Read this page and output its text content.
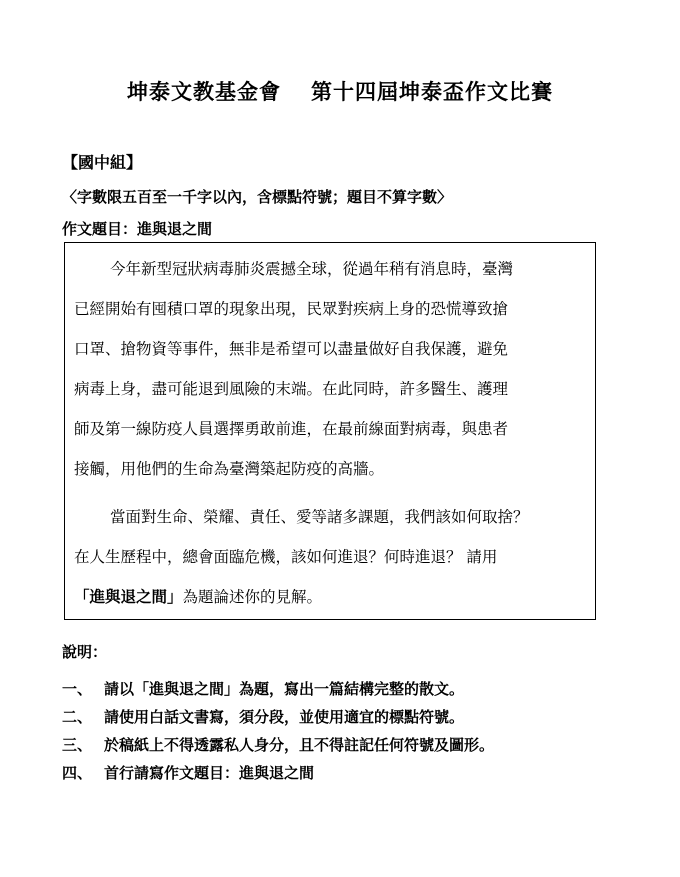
坤泰文教基金會 第十四屆坤泰盃作文比賽
【國中組】
〈字數限五百至一千字以內，含標點符號；題目不算字數〉
作文題目：進與退之間
今年新型冠狀病毒肺炎震撼全球，從過年稍有消息時，臺灣
已經開始有囤積口罩的現象出現，民眾對疾病上身的恐慌導致搶
口罩、搶物資等事件，無非是希望可以盡量做好自我保護，避免
病毒上身，盡可能退到風險的末端。在此同時，許多醫生、護理
師及第一線防疫人員選擇勇敢前進，在最前線面對病毒，與患者
接觸，用他們的生命為臺灣築起防疫的高牆。
當面對生命、榮耀、責任、愛等諸多課題，我們該如何取捨？
在人生歷程中，總會面臨危機，該如何進退？何時進退？ 請用
「進與退之間」為題論述你的見解。
說明：
一、 請以「進與退之間」為題，寫出一篇結構完整的散文。
二、 請使用白話文書寫，須分段，並使用適宜的標點符號。
三、 於稿紙上不得透露私人身分，且不得註記任何符號及圖形。
四、 首行請寫作文題目：進與退之間
